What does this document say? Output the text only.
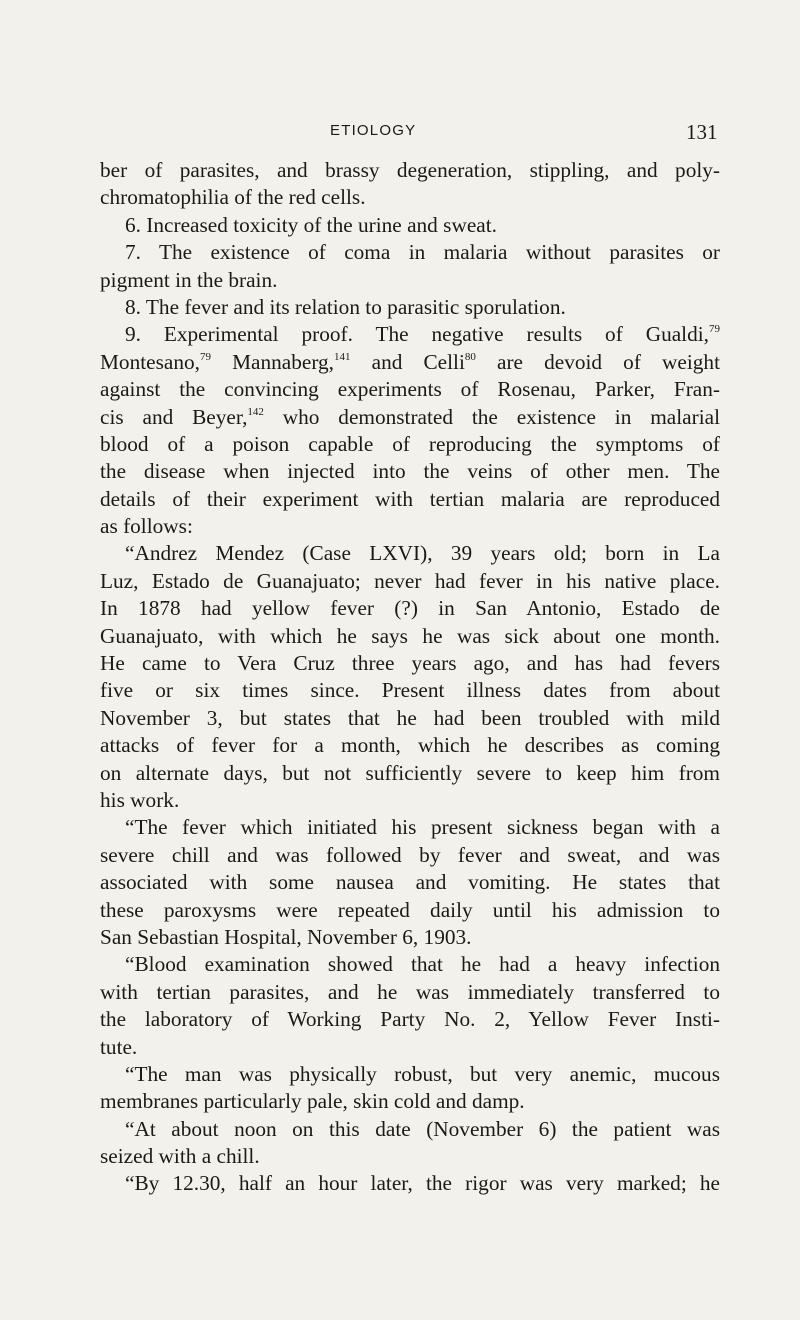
ETIOLOGY	131
ber of parasites, and brassy degeneration, stippling, and poly-
chromatophilia of the red cells.
6. Increased toxicity of the urine and sweat.
7. The existence of coma in malaria without parasites or
pigment in the brain.
8. The fever and its relation to parasitic sporulation.
9. Experimental proof. The negative results of Gualdi,$^{79}$
Montesano,$^{79}$ Mannaberg,$^{141}$ and Celli$^{80}$ are devoid of weight
against the convincing experiments of Rosenau, Parker, Fran-
cis and Beyer,$^{142}$ who demonstrated the existence in malarial
blood of a poison capable of reproducing the symptoms of
the disease when injected into the veins of other men. The
details of their experiment with tertian malaria are reproduced
as follows:
“Andrez Mendez (Case LXVI), 39 years old; born in La
Luz, Estado de Guanajuato; never had fever in his native place.
In 1878 had yellow fever (?) in San Antonio, Estado de
Guanajuato, with which he says he was sick about one month.
He came to Vera Cruz three years ago, and has had fevers
five or six times since. Present illness dates from about
November 3, but states that he had been troubled with mild
attacks of fever for a month, which he describes as coming
on alternate days, but not sufficiently severe to keep him from
his work.
“The fever which initiated his present sickness began with a
severe chill and was followed by fever and sweat, and was
associated with some nausea and vomiting. He states that
these paroxysms were repeated daily until his admission to
San Sebastian Hospital, November 6, 1903.
“Blood examination showed that he had a heavy infection
with tertian parasites, and he was immediately transferred to
the laboratory of Working Party No. 2, Yellow Fever Insti-
tute.
“The man was physically robust, but very anemic, mucous
membranes particularly pale, skin cold and damp.
“At about noon on this date (November 6) the patient was
seized with a chill.
“By 12.30, half an hour later, the rigor was very marked; he
